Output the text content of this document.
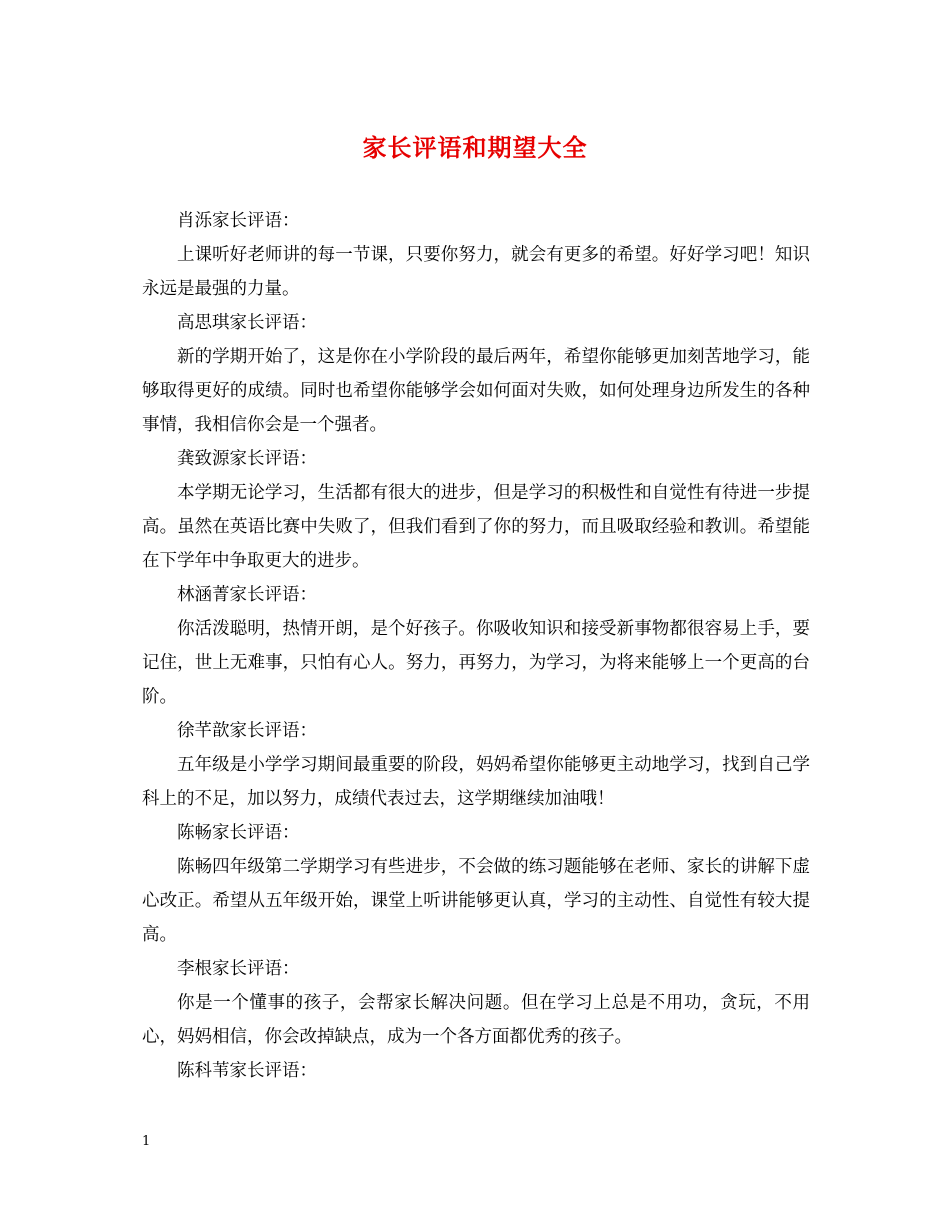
家长评语和期望大全

肖泺家长评语：

上课听好老师讲的每一节课，只要你努力，就会有更多的希望。好好学习吧！知识永远是最强的力量。

高思琪家长评语：

新的学期开始了，这是你在小学阶段的最后两年，希望你能够更加刻苦地学习，能够取得更好的成绩。同时也希望你能够学会如何面对失败，如何处理身边所发生的各种事情，我相信你会是一个强者。

龚致源家长评语：

本学期无论学习，生活都有很大的进步，但是学习的积极性和自觉性有待进一步提高。虽然在英语比赛中失败了，但我们看到了你的努力，而且吸取经验和教训。希望能在下学年中争取更大的进步。

林涵菁家长评语：

你活泼聪明，热情开朗，是个好孩子。你吸收知识和接受新事物都很容易上手，要记住，世上无难事，只怕有心人。努力，再努力，为学习，为将来能够上一个更高的台阶。

徐芊歆家长评语：

五年级是小学学习期间最重要的阶段，妈妈希望你能够更主动地学习，找到自己学科上的不足，加以努力，成绩代表过去，这学期继续加油哦！

陈畅家长评语：

陈畅四年级第二学期学习有些进步，不会做的练习题能够在老师、家长的讲解下虚心改正。希望从五年级开始，课堂上听讲能够更认真，学习的主动性、自觉性有较大提高。

李根家长评语：

你是一个懂事的孩子，会帮家长解决问题。但在学习上总是不用功，贪玩，不用心，妈妈相信，你会改掉缺点，成为一个各方面都优秀的孩子。

陈科苇家长评语：

1
